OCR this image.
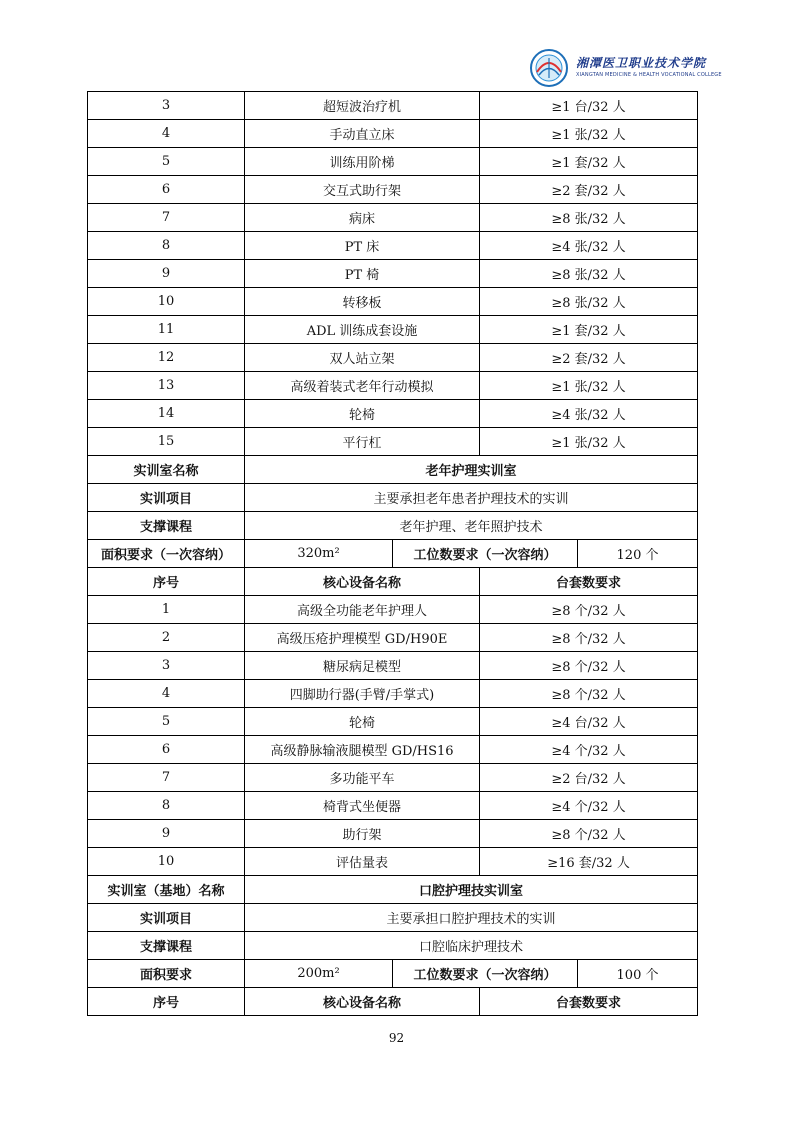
湘潭医卫职业技术学院
XIANGTAN MEDICINE & HEALTH VOCATIONAL COLLEGE
3	超短波治疗机		≥1 台/32 人	
4	手动直立床		≥1 张/32 人	
5	训练用阶梯		≥1 套/32 人	
6	交互式助行架		≥2 套/32 人	
7	病床		≥8 张/32 人	
8	PT 床		≥4 张/32 人	
9	PT 椅		≥8 张/32 人	
10	转移板		≥8 张/32 人	
11	ADL 训练成套设施		≥1 套/32 人	
12	双人站立架		≥2 套/32 人	
13	高级着装式老年行动模拟		≥1 张/32 人	
14	轮椅		≥4 张/32 人	
15	平行杠		≥1 张/32 人	
实训室名称	老年护理实训室			
实训项目	主要承担老年患者护理技术的实训			
支撑课程	老年护理、老年照护技术			
面积要求（一次容纳）	320m²	工位数要求（一次容纳）		120 个
序号	核心设备名称		台套数要求	
1	高级全功能老年护理人		≥8 个/32 人	
2	高级压疮护理模型 GD/H90E		≥8 个/32 人	
3	糖尿病足模型		≥8 个/32 人	
4	四脚助行器(手臂/手掌式)		≥8 个/32 人	
5	轮椅		≥4 台/32 人	
6	高级静脉输液腿模型 GD/HS16		≥4 个/32 人	
7	多功能平车		≥2 台/32 人	
8	椅背式坐便器		≥4 个/32 人	
9	助行架		≥8 个/32 人	
10	评估量表		≥16 套/32 人	
实训室（基地）名称	口腔护理技实训室			
实训项目	主要承担口腔护理技术的实训			
支撑课程	口腔临床护理技术			
面积要求	200m²	工位数要求（一次容纳）		100 个
序号	核心设备名称		台套数要求	
92
